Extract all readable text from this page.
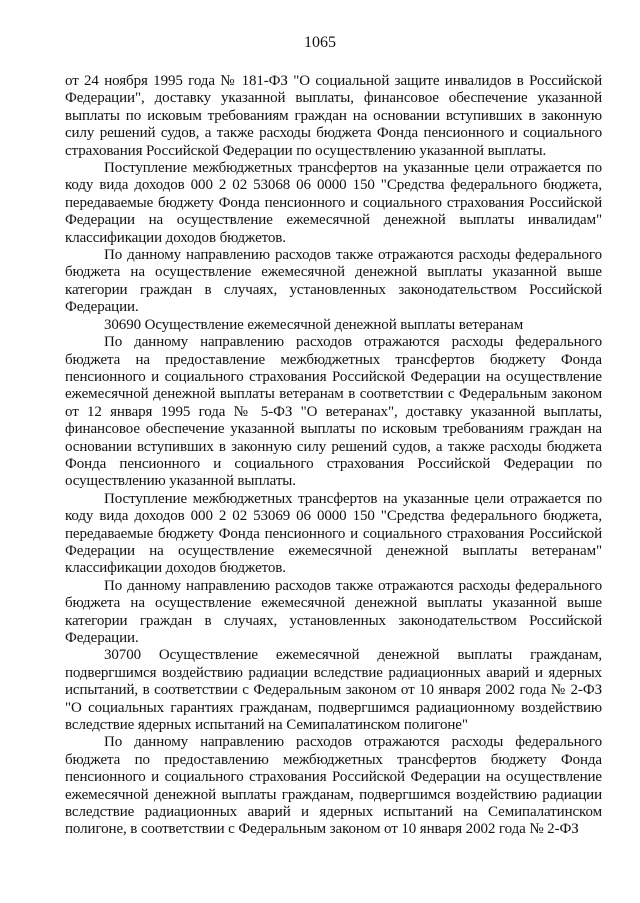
1065

от 24 ноября 1995 года № 181-ФЗ "О социальной защите инвалидов в Российской Федерации", доставку указанной выплаты, финансовое обеспечение указанной выплаты по исковым требованиям граждан на основании вступивших в законную силу решений судов, а также расходы бюджета Фонда пенсионного и социального страхования Российской Федерации по осуществлению указанной выплаты.

Поступление межбюджетных трансфертов на указанные цели отражается по коду вида доходов 000 2 02 53068 06 0000 150 "Средства федерального бюджета, передаваемые бюджету Фонда пенсионного и социального страхования Российской Федерации на осуществление ежемесячной денежной выплаты инвалидам" классификации доходов бюджетов.

По данному направлению расходов также отражаются расходы федерального бюджета на осуществление ежемесячной денежной выплаты указанной выше категории граждан в случаях, установленных законодательством Российской Федерации.

30690 Осуществление ежемесячной денежной выплаты ветеранам

По данному направлению расходов отражаются расходы федерального бюджета на предоставление межбюджетных трансфертов бюджету Фонда пенсионного и социального страхования Российской Федерации на осуществление ежемесячной денежной выплаты ветеранам в соответствии с Федеральным законом от 12 января 1995 года № 5-ФЗ "О ветеранах", доставку указанной выплаты, финансовое обеспечение указанной выплаты по исковым требованиям граждан на основании вступивших в законную силу решений судов, а также расходы бюджета Фонда пенсионного и социального страхования Российской Федерации по осуществлению указанной выплаты.

Поступление межбюджетных трансфертов на указанные цели отражается по коду вида доходов 000 2 02 53069 06 0000 150 "Средства федерального бюджета, передаваемые бюджету Фонда пенсионного и социального страхования Российской Федерации на осуществление ежемесячной денежной выплаты ветеранам" классификации доходов бюджетов.

По данному направлению расходов также отражаются расходы федерального бюджета на осуществление ежемесячной денежной выплаты указанной выше категории граждан в случаях, установленных законодательством Российской Федерации.

30700 Осуществление ежемесячной денежной выплаты гражданам, подвергшимся воздействию радиации вследствие радиационных аварий и ядерных испытаний, в соответствии с Федеральным законом от 10 января 2002 года № 2-ФЗ "О социальных гарантиях гражданам, подвергшимся радиационному воздействию вследствие ядерных испытаний на Семипалатинском полигоне"

По данному направлению расходов отражаются расходы федерального бюджета по предоставлению межбюджетных трансфертов бюджету Фонда пенсионного и социального страхования Российской Федерации на осуществление ежемесячной денежной выплаты гражданам, подвергшимся воздействию радиации вследствие радиационных аварий и ядерных испытаний на Семипалатинском полигоне, в соответствии с Федеральным законом от 10 января 2002 года № 2-ФЗ
